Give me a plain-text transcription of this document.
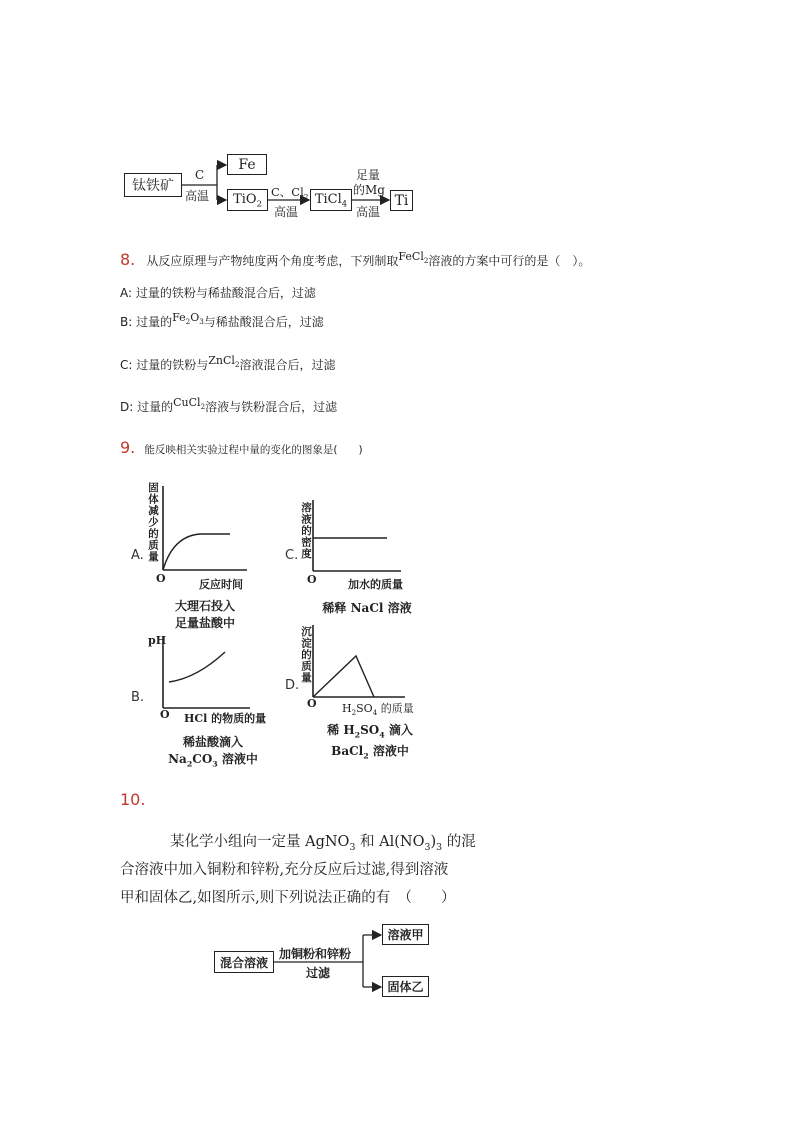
钛铁矿
Fe
TiO$_2$	TiCl$_4$	Ti
C
高温	C、$Cl_2$
高温
足量
的Mg
高温
8. 从反应原理与产物纯度两个角度考虑，下列制取$^{FeCl_2}$溶液的方案中可行的是（　）。
A: 过量的铁粉与稀盐酸混合后，过滤
B: 过量的$Fe_2O_3$与稀盐酸混合后，过滤
C: 过量的铁粉与ZnCl$_2$溶液混合后，过滤
D: 过量的CuCl$_2$溶液与铁粉混合后，过滤
9. 能反映相关实验过程中量的变化的图象是(　　)
A. 固体减少的质量
O	反应时间
大理石投入
足量盐酸中
C. 溶液的密度
O	加水的质量
稀释 NaCl 溶液
B.
pH
O HCl 的物质的量
稀盐酸滴入
$Na_2CO_3$ 溶液中
D.
沉淀的质量
O $H_2SO_4$ 的质量
稀 $H_2SO_4$ 滴入
BaCl$_2$ 溶液中
10.
某化学小组向一定量 AgNO$_3$ 和 $Al(NO_3)_3$ 的混
合溶液中加入铜粉和锌粉,充分反应后过滤,得到溶液
甲和固体乙,如图所示,则下列说法正确的有　（　　）
混合溶液
溶液甲
固体乙
加铜粉和锌粉
过滤
